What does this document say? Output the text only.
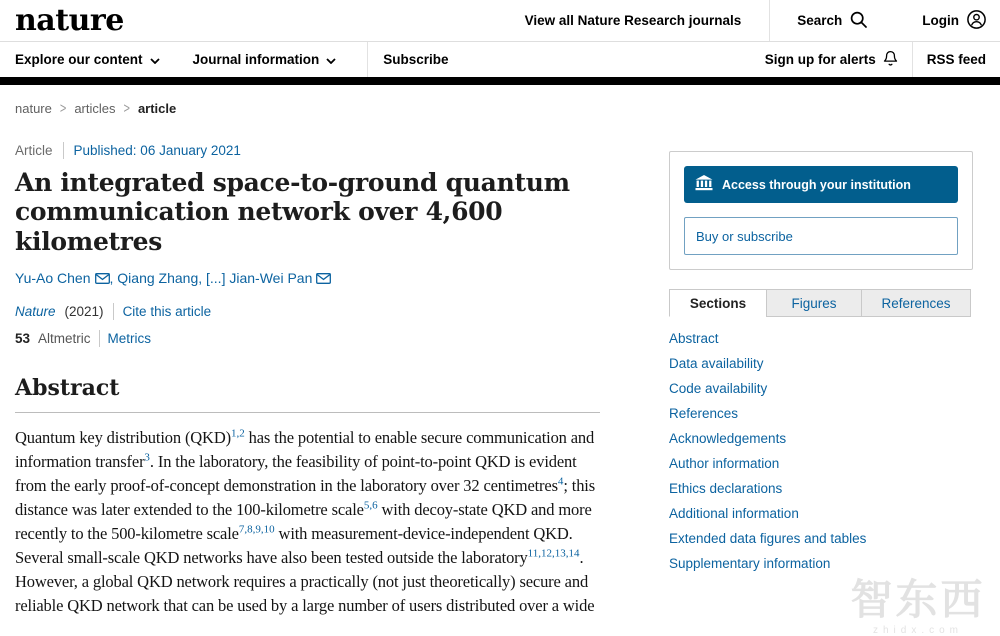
nature	View all Nature Research journals	Search	Login
Explore our content	Journal information	Subscribe	Sign up for alerts	RSS feed
nature > articles > article
Article Published: 06 January 2021
An integrated space-to-ground quantum communication network over 4,600 kilometres
Yu-Ao Chen , Qiang Zhang, [...] Jian-Wei Pan
Nature (2021) Cite this article
53 Altmetric Metrics
Abstract

Quantum key distribution (QKD)$^{1,2}$ has the potential to enable secure communication and information transfer$^3$. In the laboratory, the feasibility of point-to-point QKD is evident from the early proof-of-concept demonstration in the laboratory over 32 centimetres$^4$; this distance was later extended to the 100-kilometre scale$^{5,6}$ with decoy-state QKD and more recently to the 500-kilometre scale$^{7,8,9,10}$ with measurement-device-independent QKD. Several small-scale QKD networks have also been tested outside the laboratory$^{11,12,13,14}$. However, a global QKD network requires a practically (not just theoretically) secure and reliable QKD network that can be used by a large number of users distributed over a wide

Access through your institution
Buy or subscribe
Sections	Figures	References
Abstract
Data availability
Code availability
References
Acknowledgements
Author information
Ethics declarations
Additional information
Extended data figures and tables
Supplementary information
智东西
zhidx.com
